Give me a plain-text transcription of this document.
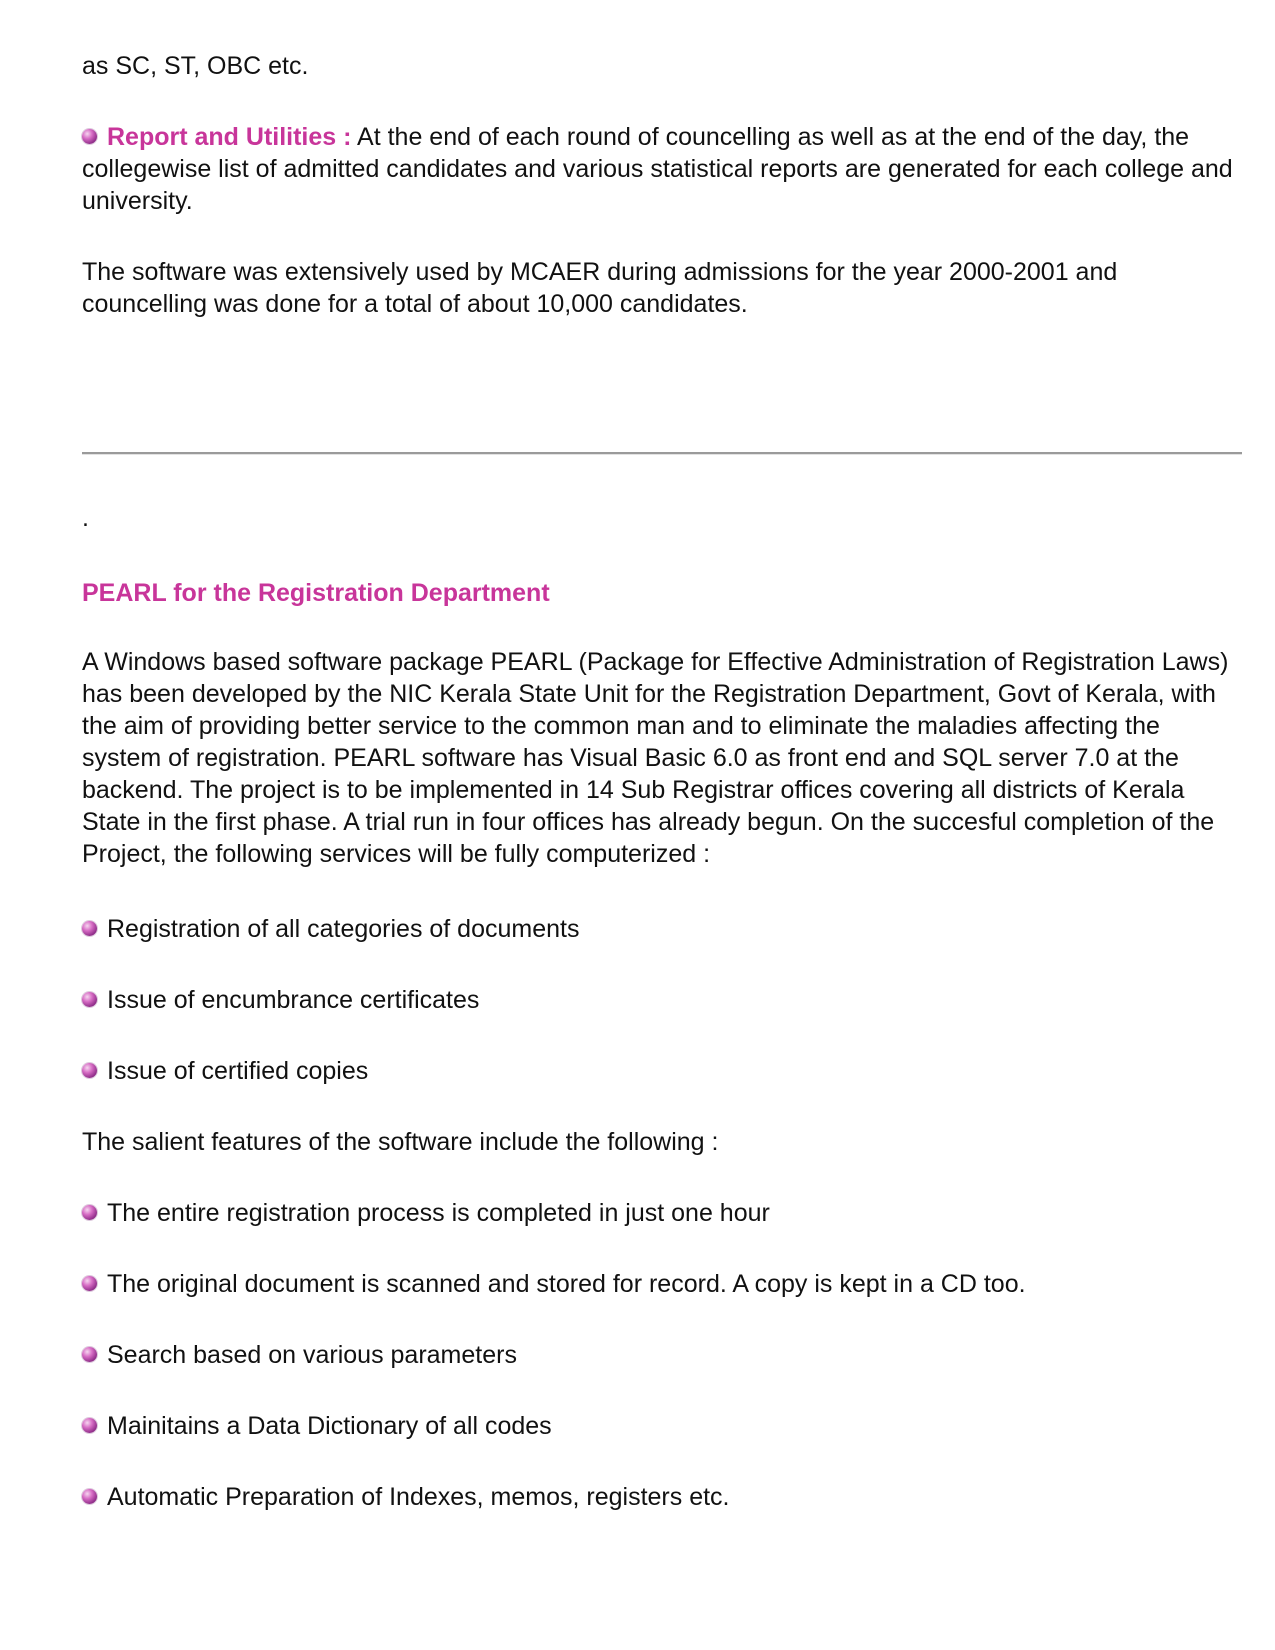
as SC, ST, OBC etc.

Report and Utilities : At the end of each round of councelling as well as at the end of the day, the collegewise list of admitted candidates and various statistical reports are generated for each college and university.

The software was extensively used by MCAER during admissions for the year 2000-2001 and councelling was done for a total of about 10,000 candidates.

.
PEARL for the Registration Department

A Windows based software package PEARL (Package for Effective Administration of Registration Laws) has been developed by the NIC Kerala State Unit for the Registration Department, Govt of Kerala, with the aim of providing better service to the common man and to eliminate the maladies affecting the system of registration. PEARL software has Visual Basic 6.0 as front end and SQL server 7.0 at the backend. The project is to be implemented in 14 Sub Registrar offices covering all districts of Kerala State in the first phase. A trial run in four offices has already begun. On the succesful completion of the Project, the following services will be fully computerized :

Registration of all categories of documents
Issue of encumbrance certificates
Issue of certified copies

The salient features of the software include the following :

The entire registration process is completed in just one hour
The original document is scanned and stored for record. A copy is kept in a CD too.
Search based on various parameters
Mainitains a Data Dictionary of all codes
Automatic Preparation of Indexes, memos, registers etc.
